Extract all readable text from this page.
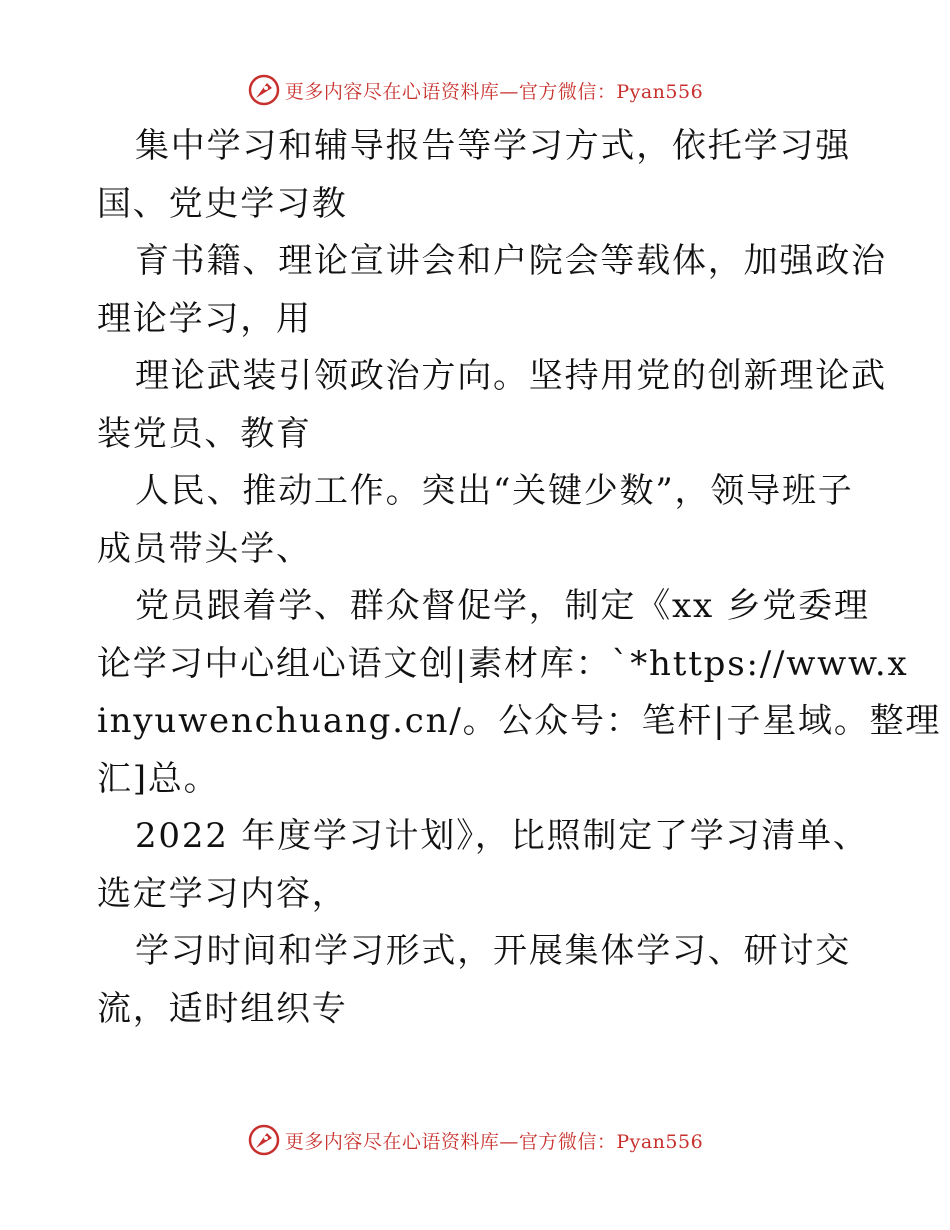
更多内容尽在心语资料库—官方微信：Pyan556
集中学习和辅导报告等学习方式，依托学习强
国、党史学习教
育书籍、理论宣讲会和户院会等载体，加强政治
理论学习，用
理论武装引领政治方向。坚持用党的创新理论武
装党员、教育
人民、推动工作。突出“关键少数”，领导班子
成员带头学、
党员跟着学、群众督促学，制定《xx 乡党委理
论学习中心组心语文创|素材库：`*https://www.x
inyuwenchuang.cn/。公众号：笔杆|子星域。整理
汇]总。
2022 年度学习计划》，比照制定了学习清单、
选定学习内容，
学习时间和学习形式，开展集体学习、研讨交
流，适时组织专
更多内容尽在心语资料库—官方微信：Pyan556
